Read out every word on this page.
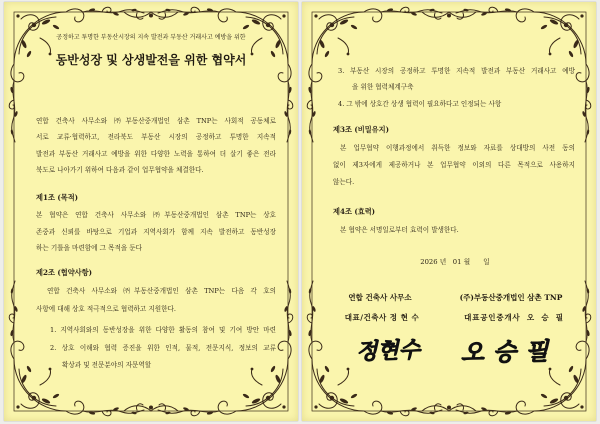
공정하고 투명한 부동산시장의 지속 발전과 부동산 거래사고 예방을 위한
동반성장 및 상생발전을 위한 협약서
연합 건축사 사무소와 ㈜부동산중개법인 삼촌 TNP는 사회적 공동체로
서로 교류·협력하고, 전라북도 부동산 시장의 공정하고 투명한 지속적
발전과 부동산 거래사고 예방을 위한 다양한 노력을 통하여 더 살기 좋은 전라
북도로 나아가기 위하여 다음과 같이 업무협약을 체결한다.
제1조 (목적)
본 협약은 연합 건축사 사무소와 ㈜부동산중개법인 삼촌 TNP는 상호
존중과 신뢰를 바탕으로 기업과 지역사회가 함께 지속 발전하고 동반성장
하는 기틀을 마련함에 그 목적을 둔다
제2조 (협약사항)
연합 건축사 사무소와 ㈜부동산중개법인 삼촌 TNP는 다음 각 호의
사항에 대해 상호 적극적으로 협력하고 지원한다.
1. 지역사회와의 동반성장을 위한 다양한 활동의 참여 및 기여 방안 마련
2. 상호 이해와 협력 증진을 위한 인적, 물적, 전문지식, 정보의 교류
확상과 및 전문분야의 자문역할
3. 부동산 시장의 공정하고 투명한 지속적 발전과 부동산 거래사고 예방
을 위한 협력체계구축
4. 그 밖에 상호간 상생 협력이 필요하다고 인정되는 사항
제3조 (비밀유지)
본 업무협약 이행과정에서 취득한 정보와 자료를 상대방의 사전 동의
없이 제3자에게 제공하거나 본 업무협약 이외의 다른 목적으로 사용하지
않는다.
제4조 (효력)
본 협약은 서명일로부터 효력이 발생한다.
2026 년   01 월      일
연합 건축사 사무소	(주)부동산중개법인 삼촌 TNP
대표/건축사 정 현 수	대표공인중개사 오 승 필
정현수	오승필
